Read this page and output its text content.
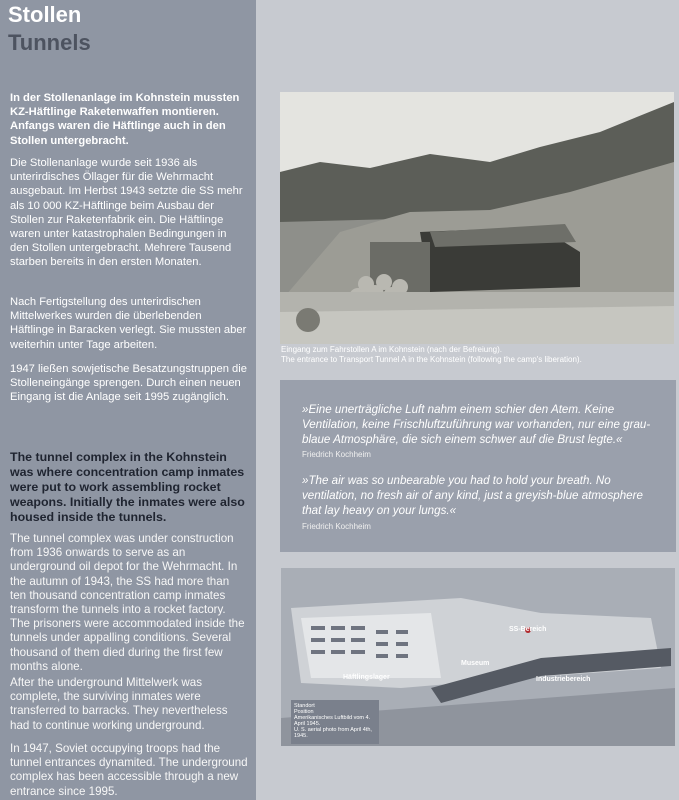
Stollen
Tunnels
In der Stollenanlage im Kohnstein mussten KZ-Häftlinge Raketenwaffen montieren. Anfangs waren die Häftlinge auch in den Stollen untergebracht.
Die Stollenanlage wurde seit 1936 als unterirdisches Öllager für die Wehrmacht ausgebaut. Im Herbst 1943 setzte die SS mehr als 10 000 KZ-Häftlinge beim Ausbau der Stollen zur Raketenfabrik ein. Die Häftlinge waren unter katastrophalen Bedingungen in den Stollen untergebracht. Mehrere Tausend starben bereits in den ersten Monaten.
Nach Fertigstellung des unterirdischen Mittelwerkes wurden die überlebenden Häftlinge in Baracken verlegt. Sie mussten aber weiterhin unter Tage arbeiten.
1947 ließen sowjetische Besatzungstruppen die Stolleneingänge sprengen. Durch einen neuen Eingang ist die Anlage seit 1995 zugänglich.
The tunnel complex in the Kohnstein was where concentration camp inmates were put to work assembling rocket weapons. Initially the inmates were also housed inside the tunnels.
The tunnel complex was under construction from 1936 onwards to serve as an underground oil depot for the Wehrmacht. In the autumn of 1943, the SS had more than ten thousand concentration camp inmates transform the tunnels into a rocket factory. The prisoners were accommodated inside the tunnels under appalling conditions. Several thousand of them died during the first few months alone.
After the underground Mittelwerk was complete, the surviving inmates were transferred to barracks. They nevertheless had to continue working underground.
In 1947, Soviet occupying troops had the tunnel entrances dynamited. The underground complex has been accessible through a new entrance since 1995.
Eingang zum Fahrstollen A im Kohnstein (nach der Befreiung).
The entrance to Transport Tunnel A in the Kohnstein (following the camp's liberation).
»Eine unerträgliche Luft nahm einem schier den Atem. Keine Ventilation, keine Frischluftzuführung war vorhanden, nur eine grau-blaue Atmosphäre, die sich einem schwer auf die Brust legte.«
Friedrich Kochheim
»The air was so unbearable you had to hold your breath. No ventilation, no fresh air of any kind, just a greyish-blue atmosphere that lay heavy on your lungs.«
Friedrich Kochheim
SS-Bereich
Museum
Industriebereich
Häftlingslager
Standort
Position
Amerikanisches Luftbild vom 4. April 1945.
U. S. aerial photo from April 4th, 1945.
